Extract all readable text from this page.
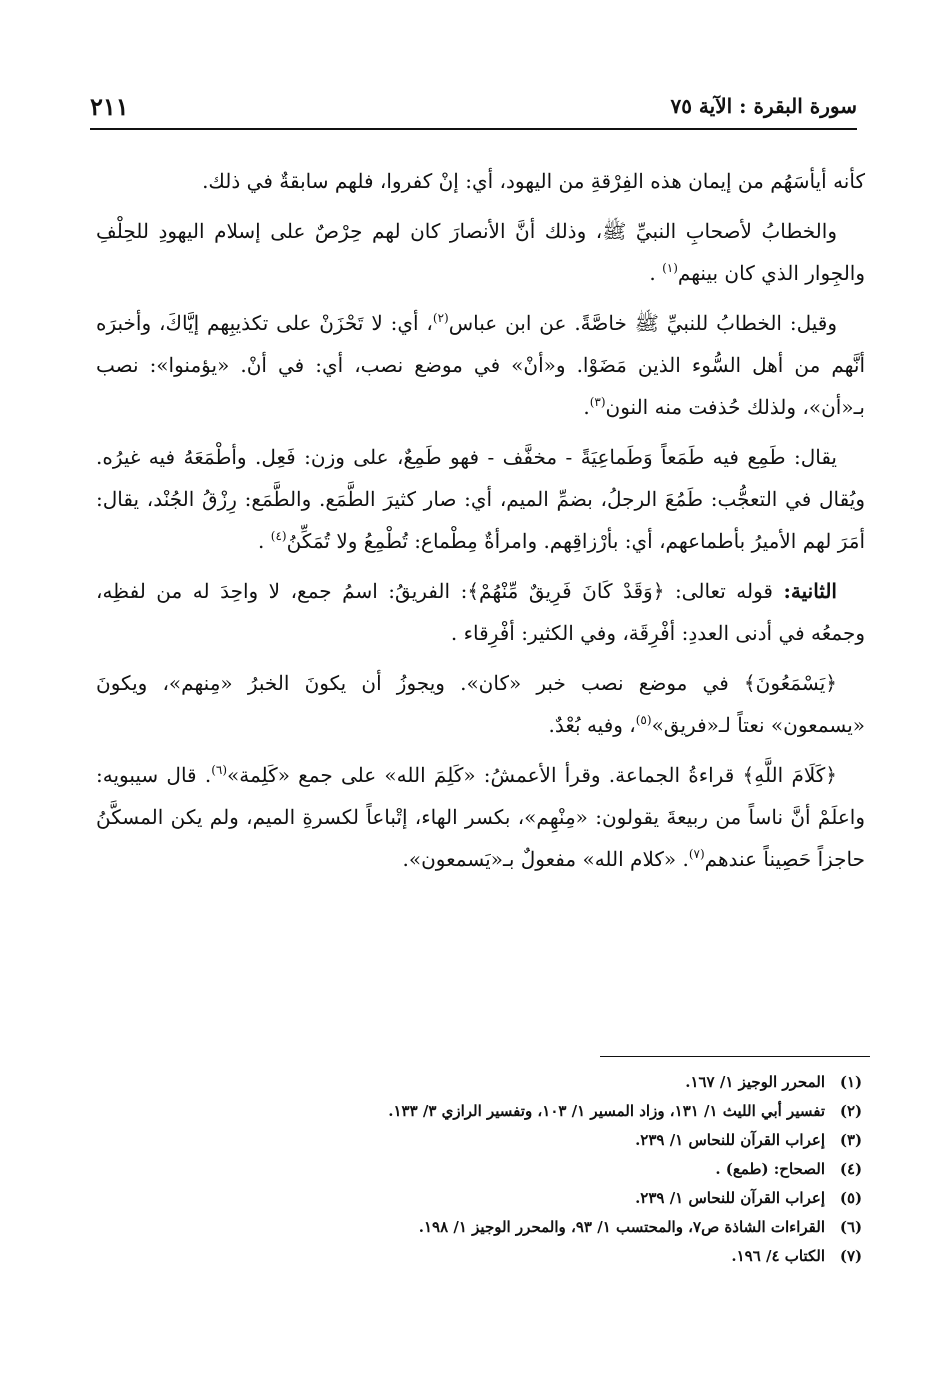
٢١١	سورة البقرة : الآية ٧٥

كأنه أيأسَهُم من إيمان هذه الفِرْقةِ من اليهود، أي: إنْ كفروا، فلهم سابقةٌ في ذلك.

والخطابُ لأصحابِ النبيِّ ﷺ، وذلك أنَّ الأنصارَ كان لهم حِرْصٌ على إسلام اليهودِ للحِلْفِ والجِوار الذي كان بينهم$^{(١)}$ .

وقيل: الخطابُ للنبيِّ ﷺ خاصَّةً. عن ابن عباس$^{(٢)}$، أي: لا تَحْزَنْ على تكذيبِهم إيَّاكَ، وأخبرَه أنَّهم من أهل السُّوء الذين مَضَوْا. و«أنْ» في موضع نصب، أي: في أنْ. «يؤمنوا»: نصب بـ«أن»، ولذلك حُذفت منه النون$^{(٣)}$.

يقال: طَمِع فيه طَمَعاً وَطَماعِيَةً - مخفَّف - فهو طَمِعٌ، على وزن: فَعِل. وأطْمَعَهُ فيه غيرُه. ويُقال في التعجُّب: طَمُعَ الرجلُ، بضمِّ الميم، أي: صار كثيرَ الطَّمَع. والطَّمَع: رِزْقُ الجُنْد، يقال: أمَرَ لهم الأميرُ بأطماعهم، أي: بأرْزاقِهم. وامرأةٌ مِطْماع: تُطْمِعُ ولا تُمَكِّنُ$^{(٤)}$ .

الثانية: قوله تعالى: ﴿وَقَدْ كَانَ فَرِيقٌ مِّنْهُمْ﴾: الفريقُ: اسمُ جمع، لا واحِدَ له من لفظِه، وجمعُه في أدنى العددِ: أفْرِقَة، وفي الكثير: أفْرِقاء .

﴿يَسْمَعُونَ﴾ في موضع نصب خبر «كان». ويجوزُ أن يكونَ الخبرُ «مِنهم»، ويكونَ «يسمعون» نعتاً لـ«فريق»$^{(٥)}$، وفيه بُعْدٌ.

﴿كَلَامَ اللَّهِ﴾ قراءةُ الجماعة. وقرأ الأعمشُ: «كَلِمَ الله» على جمع «كَلِمة»$^{(٦)}$. قال سيبويه: واعلَمْ أنَّ ناساً من ربيعةَ يقولون: «مِنْهِم»، بكسر الهاء، إتْباعاً لكسرةِ الميم، ولم يكن المسكَّنُ حاجزاً حَصِيناً عندهم$^{(٧)}$. «كلام الله» مفعولٌ بـ«يَسمعون».

(١)
المحرر الوجيز ١/ ١٦٧.
(٢)
تفسير أبي الليث ١/ ١٣١، وزاد المسير ١/ ١٠٣، وتفسير الرازي ٣/ ١٣٣.
(٣)
إعراب القرآن للنحاس ١/ ٢٣٩.
(٤)
الصحاح: (طمع) .
(٥)
إعراب القرآن للنحاس ١/ ٢٣٩.
(٦)
القراءات الشاذة ص٧، والمحتسب ١/ ٩٣، والمحرر الوجيز ١/ ١٩٨.
(٧)
الكتاب ٤/ ١٩٦.
